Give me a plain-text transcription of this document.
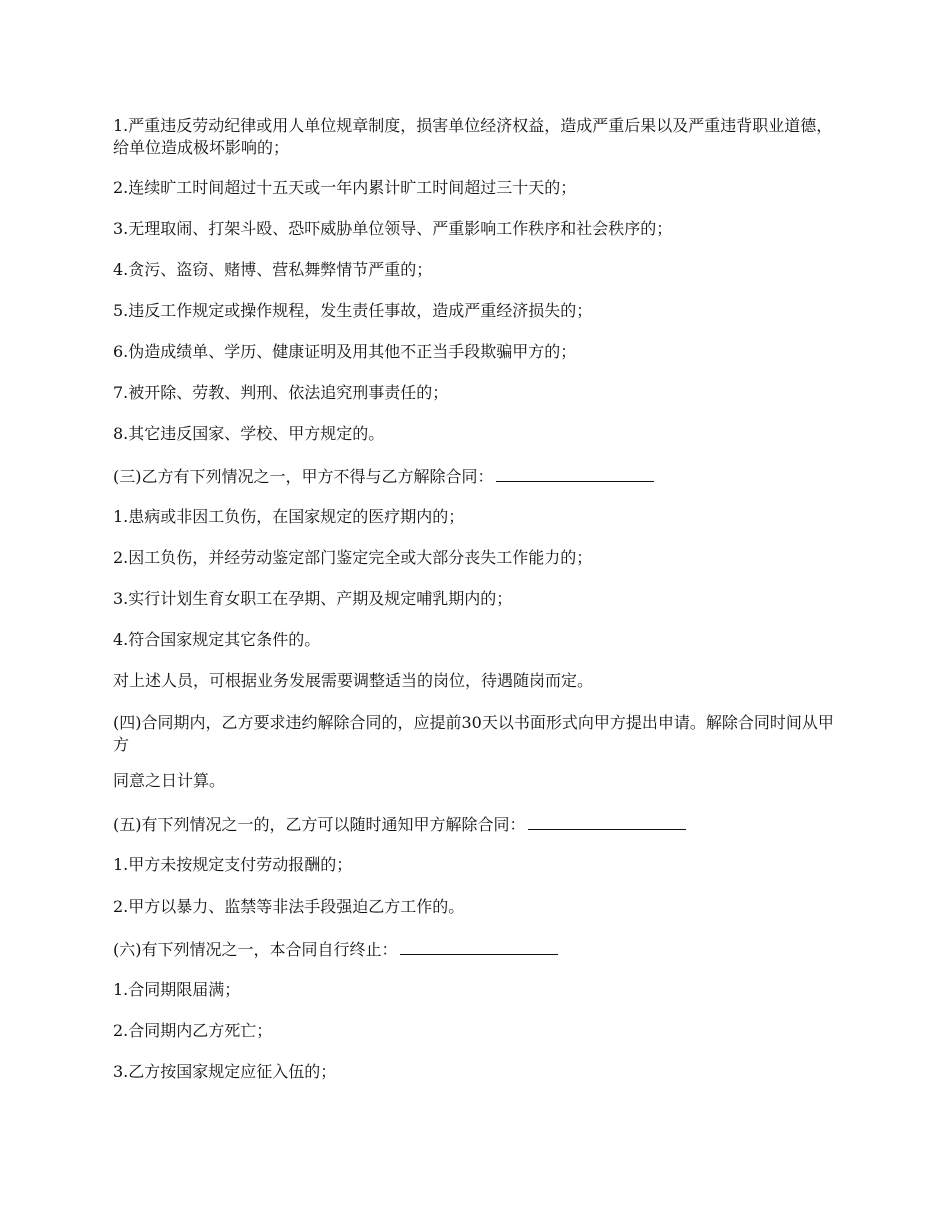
1.严重违反劳动纪律或用人单位规章制度，损害单位经济权益，造成严重后果以及严重违背职业道德，给单位造成极坏影响的；

2.连续旷工时间超过十五天或一年内累计旷工时间超过三十天的；

3.无理取闹、打架斗殴、恐吓威胁单位领导、严重影响工作秩序和社会秩序的；

4.贪污、盗窃、赌博、营私舞弊情节严重的；

5.违反工作规定或操作规程，发生责任事故，造成严重经济损失的；

6.伪造成绩单、学历、健康证明及用其他不正当手段欺骗甲方的；

7.被开除、劳教、判刑、依法追究刑事责任的；

8.其它违反国家、学校、甲方规定的。

(三)乙方有下列情况之一，甲方不得与乙方解除合同：

1.患病或非因工负伤，在国家规定的医疗期内的；

2.因工负伤，并经劳动鉴定部门鉴定完全或大部分丧失工作能力的；

3.实行计划生育女职工在孕期、产期及规定哺乳期内的；

4.符合国家规定其它条件的。

对上述人员，可根据业务发展需要调整适当的岗位，待遇随岗而定。

(四)合同期内，乙方要求违约解除合同的，应提前30天以书面形式向甲方提出申请。解除合同时间从甲方

同意之日计算。

(五)有下列情况之一的，乙方可以随时通知甲方解除合同：

1.甲方未按规定支付劳动报酬的；

2.甲方以暴力、监禁等非法手段强迫乙方工作的。

(六)有下列情况之一，本合同自行终止：

1.合同期限届满；

2.合同期内乙方死亡；

3.乙方按国家规定应征入伍的；
